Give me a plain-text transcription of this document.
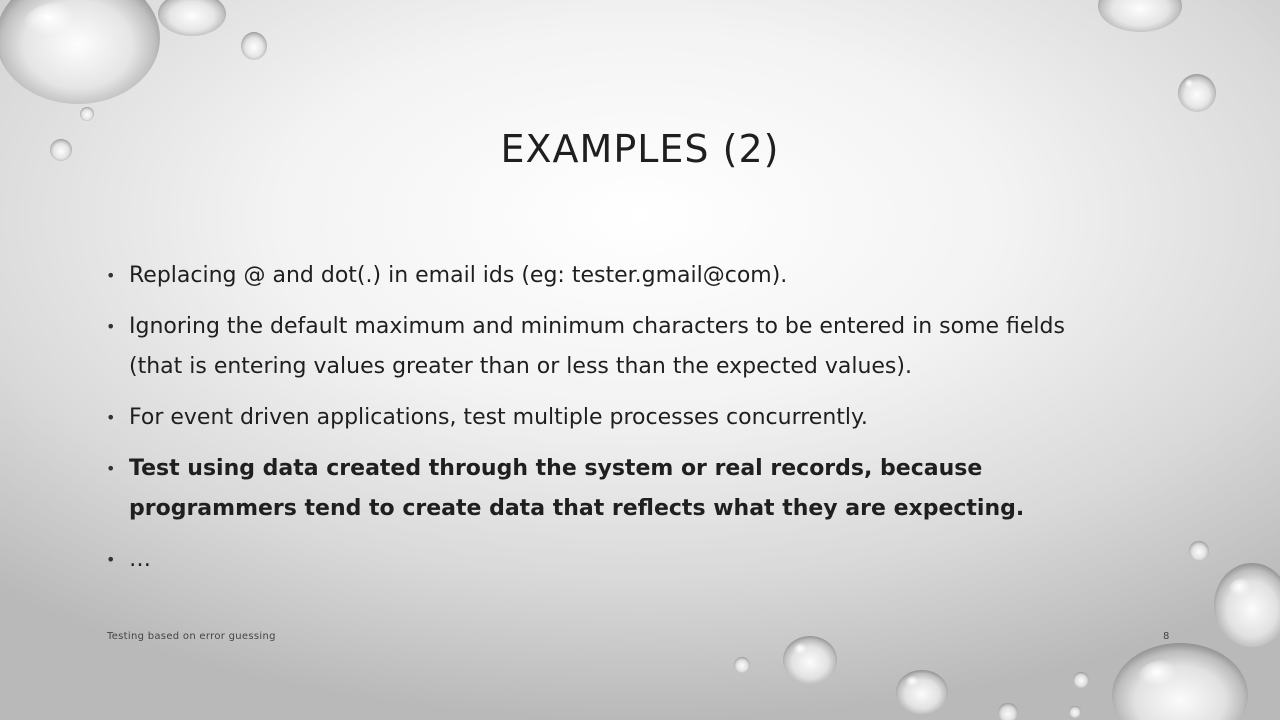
EXAMPLES (2)
• Replacing @ and dot(.) in email ids (eg: tester.gmail@com).
• Ignoring the default maximum and minimum characters to be entered in some fields (that is entering values greater than or less than the expected values).
• For event driven applications, test multiple processes concurrently.
• Test using data created through the system or real records, because programmers tend to create data that reflects what they are expecting.
• …
Testing based on error guessing	8
